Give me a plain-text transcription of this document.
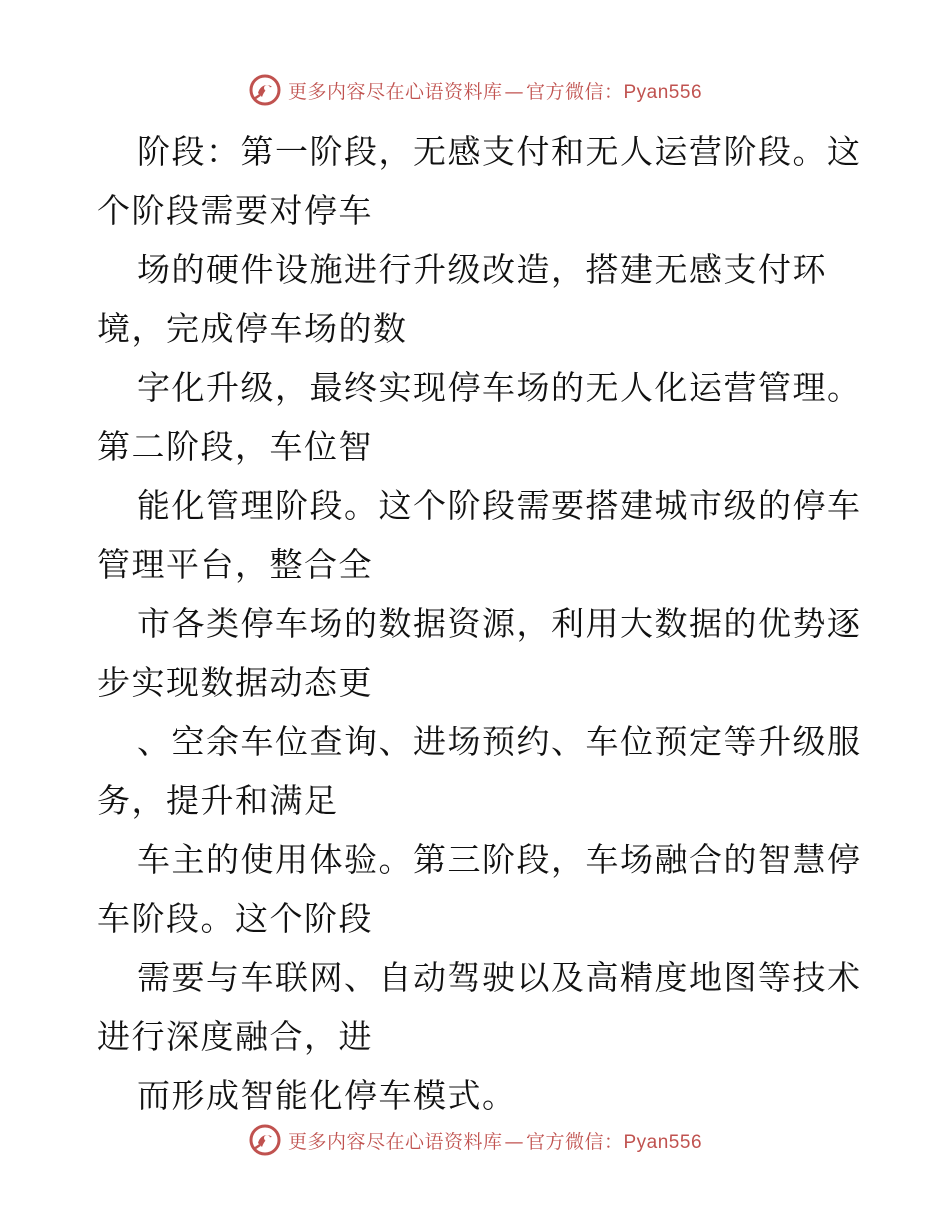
更多内容尽在心语资料库 — 官方微信：Pyan556

阶段：第一阶段，无感支付和无人运营阶段。这
个阶段需要对停车

场的硬件设施进行升级改造，搭建无感支付环
境，完成停车场的数

字化升级，最终实现停车场的无人化运营管理。
第二阶段，车位智

能化管理阶段。这个阶段需要搭建城市级的停车
管理平台，整合全

市各类停车场的数据资源，利用大数据的优势逐
步实现数据动态更

、空余车位查询、进场预约、车位预定等升级服
务，提升和满足

车主的使用体验。第三阶段，车场融合的智慧停
车阶段。这个阶段

需要与车联网、自动驾驶以及高精度地图等技术
进行深度融合，进

而形成智能化停车模式。

更多内容尽在心语资料库 — 官方微信：Pyan556
